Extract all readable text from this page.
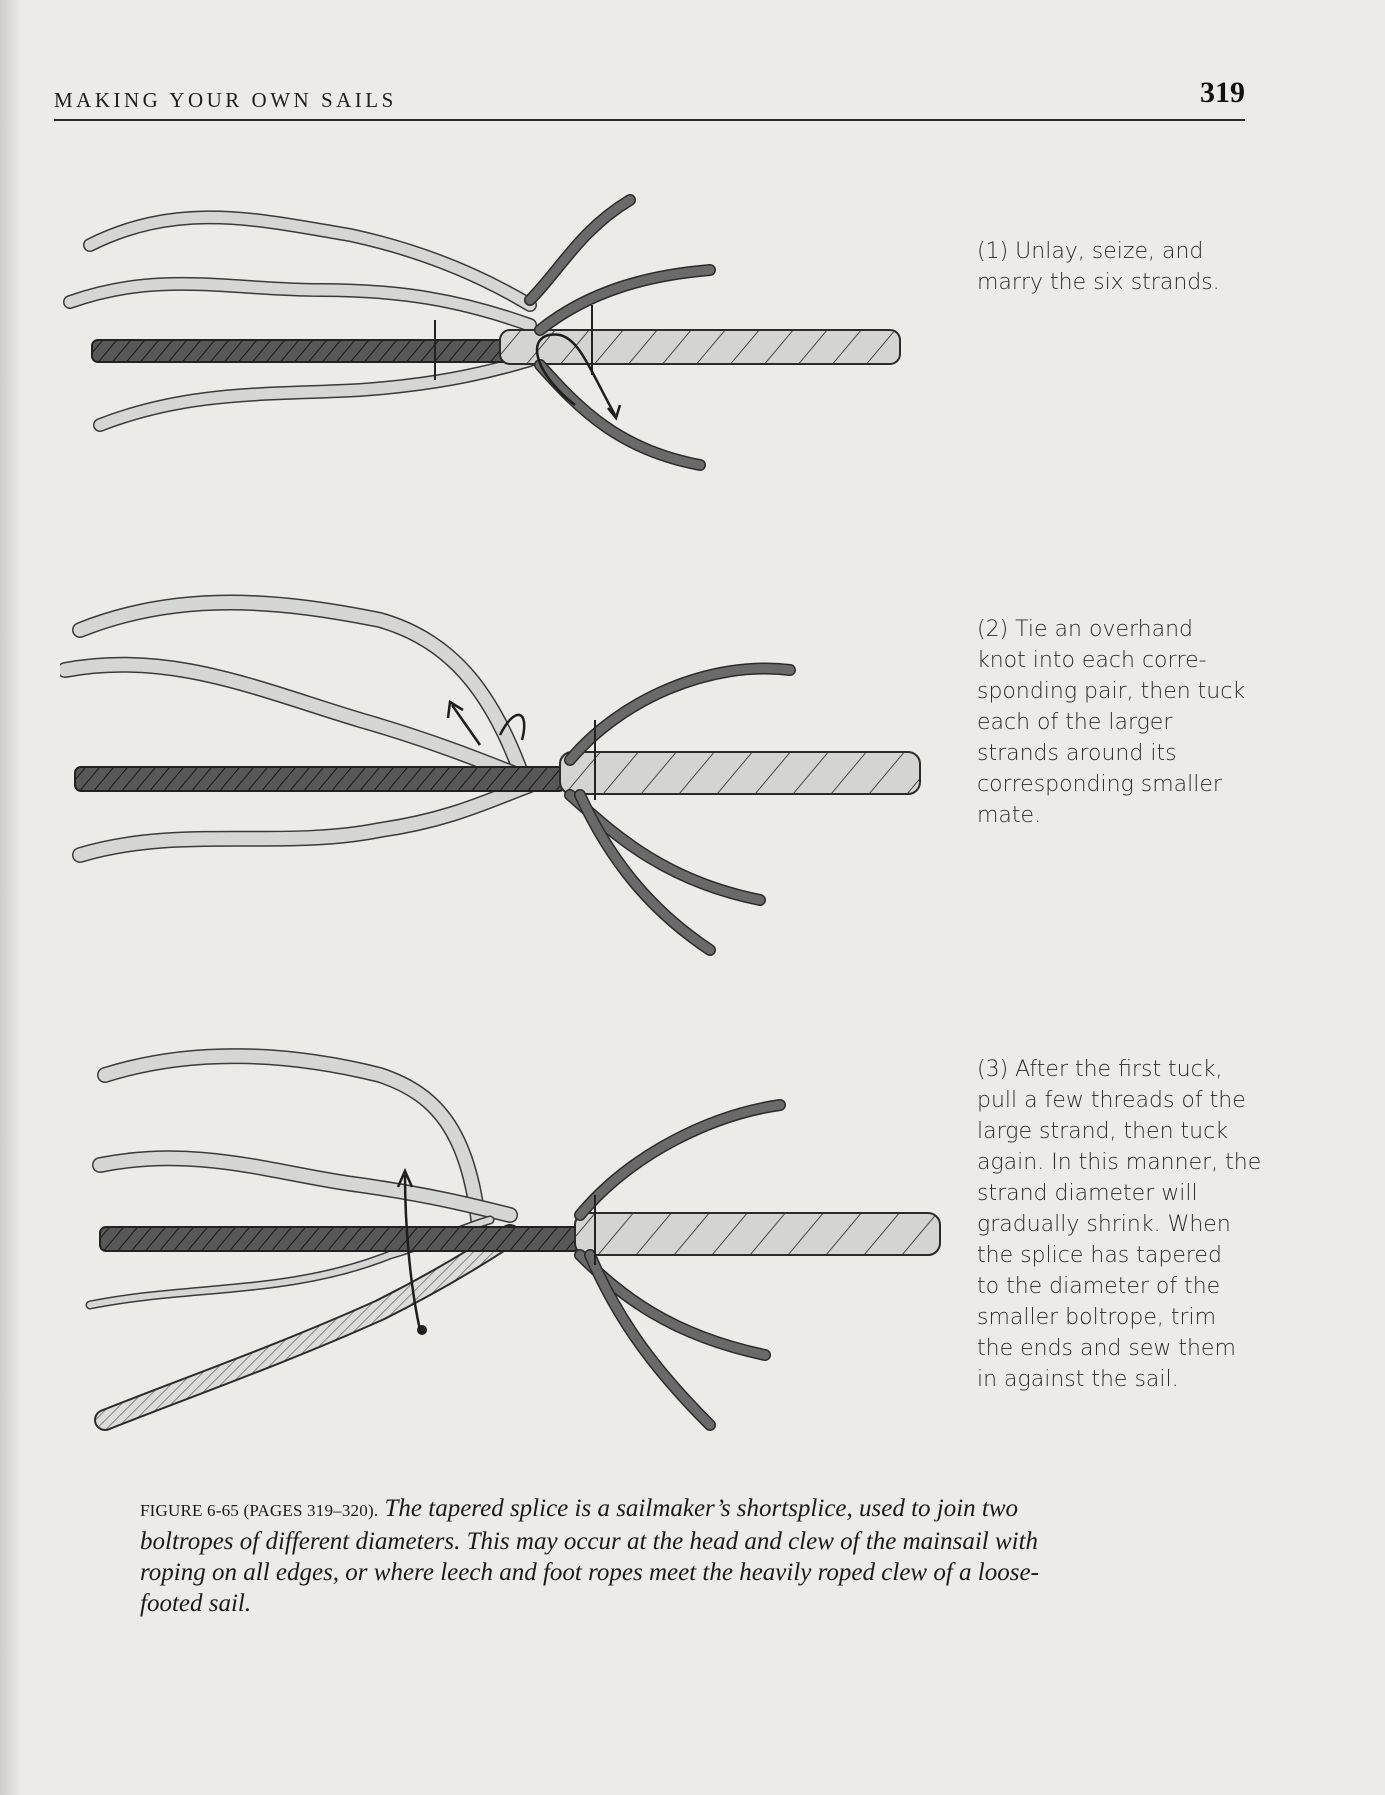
MAKING YOUR OWN SAILS	319
(1) Unlay, seize, and
marry the six strands.
(2) Tie an overhand
knot into each corre-
sponding pair, then tuck
each of the larger
strands around its
corresponding smaller
mate.
(3) After the first tuck,
pull a few threads of the
large strand, then tuck
again. In this manner, the
strand diameter will
gradually shrink. When
the splice has tapered
to the diameter of the
smaller boltrope, trim
the ends and sew them
in against the sail.
FIGURE 6-65 (PAGES 319–320). The tapered splice is a sailmaker’s shortsplice, used to join two
boltropes of different diameters. This may occur at the head and clew of the mainsail with
roping on all edges, or where leech and foot ropes meet the heavily roped clew of a loose-
footed sail.
